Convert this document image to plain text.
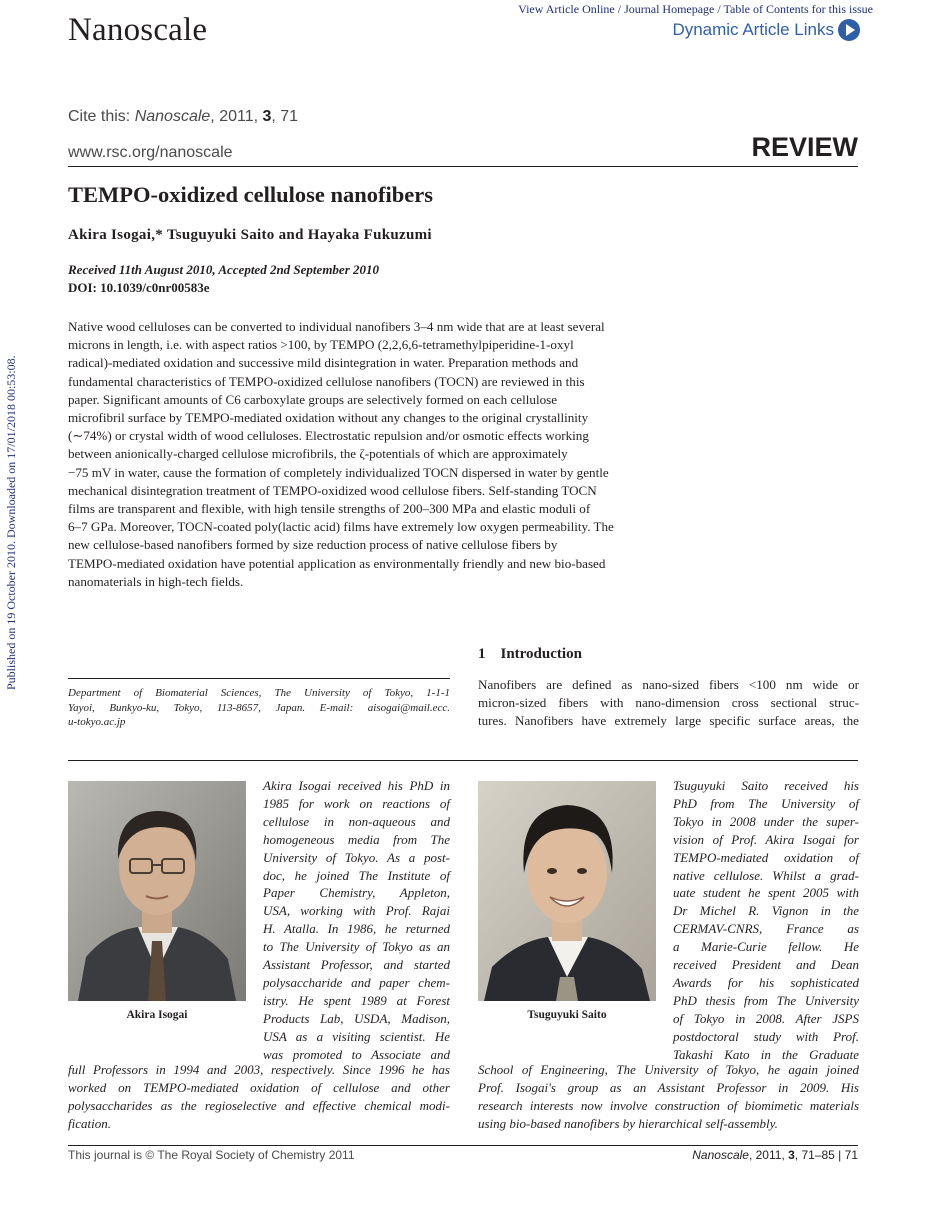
Nanoscale
View Article Online / Journal Homepage / Table of Contents for this issue
Dynamic Article Links
Cite this: Nanoscale, 2011, 3, 71
www.rsc.org/nanoscale	REVIEW
TEMPO-oxidized cellulose nanofibers
Akira Isogai,* Tsuguyuki Saito and Hayaka Fukuzumi
Received 11th August 2010, Accepted 2nd September 2010
DOI: 10.1039/c0nr00583e
Native wood celluloses can be converted to individual nanofibers 3–4 nm wide that are at least several
microns in length, i.e. with aspect ratios >100, by TEMPO (2,2,6,6-tetramethylpiperidine-1-oxyl
radical)-mediated oxidation and successive mild disintegration in water. Preparation methods and
fundamental characteristics of TEMPO-oxidized cellulose nanofibers (TOCN) are reviewed in this
paper. Significant amounts of C6 carboxylate groups are selectively formed on each cellulose
microfibril surface by TEMPO-mediated oxidation without any changes to the original crystallinity
(∼74%) or crystal width of wood celluloses. Electrostatic repulsion and/or osmotic effects working
between anionically-charged cellulose microfibrils, the ζ-potentials of which are approximately
−75 mV in water, cause the formation of completely individualized TOCN dispersed in water by gentle
mechanical disintegration treatment of TEMPO-oxidized wood cellulose fibers. Self-standing TOCN
films are transparent and flexible, with high tensile strengths of 200–300 MPa and elastic moduli of
6–7 GPa. Moreover, TOCN-coated poly(lactic acid) films have extremely low oxygen permeability. The
new cellulose-based nanofibers formed by size reduction process of native cellulose fibers by
TEMPO-mediated oxidation have potential application as environmentally friendly and new bio-based
nanomaterials in high-tech fields.
Published on 19 October 2010. Downloaded on 17/01/2018 00:53:08.	1 Introduction
Nanofibers are defined as nano-sized fibers <100 nm wide or
micron-sized fibers with nano-dimension cross sectional struc-
tures. Nanofibers have extremely large specific surface areas, the
Department of Biomaterial Sciences, The University of Tokyo, 1-1-1
Yayoi, Bunkyo-ku, Tokyo, 113-8657, Japan. E-mail: aisogai@mail.ecc.
u-tokyo.ac.jp
Akira Isogai
Akira Isogai received his PhD in
1985 for work on reactions of
cellulose in non-aqueous and
homogeneous media from The
University of Tokyo. As a post-
doc, he joined The Institute of
Paper Chemistry, Appleton,
USA, working with Prof. Rajai
H. Atalla. In 1986, he returned
to The University of Tokyo as an
Assistant Professor, and started
polysaccharide and paper chem-
istry. He spent 1989 at Forest
Products Lab, USDA, Madison,
USA as a visiting scientist. He
was promoted to Associate and
full Professors in 1994 and 2003, respectively. Since 1996 he has
worked on TEMPO-mediated oxidation of cellulose and other
polysaccharides as the regioselective and effective chemical modi-
fication.
Tsuguyuki Saito
Tsuguyuki Saito received his
PhD from The University of
Tokyo in 2008 under the super-
vision of Prof. Akira Isogai for
TEMPO-mediated oxidation of
native cellulose. Whilst a grad-
uate student he spent 2005 with
Dr Michel R. Vignon in the
CERMAV-CNRS, France as
a Marie-Curie fellow. He
received President and Dean
Awards for his sophisticated
PhD thesis from The University
of Tokyo in 2008. After JSPS
postdoctoral study with Prof.
Takashi Kato in the Graduate
School of Engineering, The University of Tokyo, he again joined
Prof. Isogai's group as an Assistant Professor in 2009. His
research interests now involve construction of biomimetic materials
using bio-based nanofibers by hierarchical self-assembly.
This journal is © The Royal Society of Chemistry 2011	Nanoscale, 2011, 3, 71–85 | 71
